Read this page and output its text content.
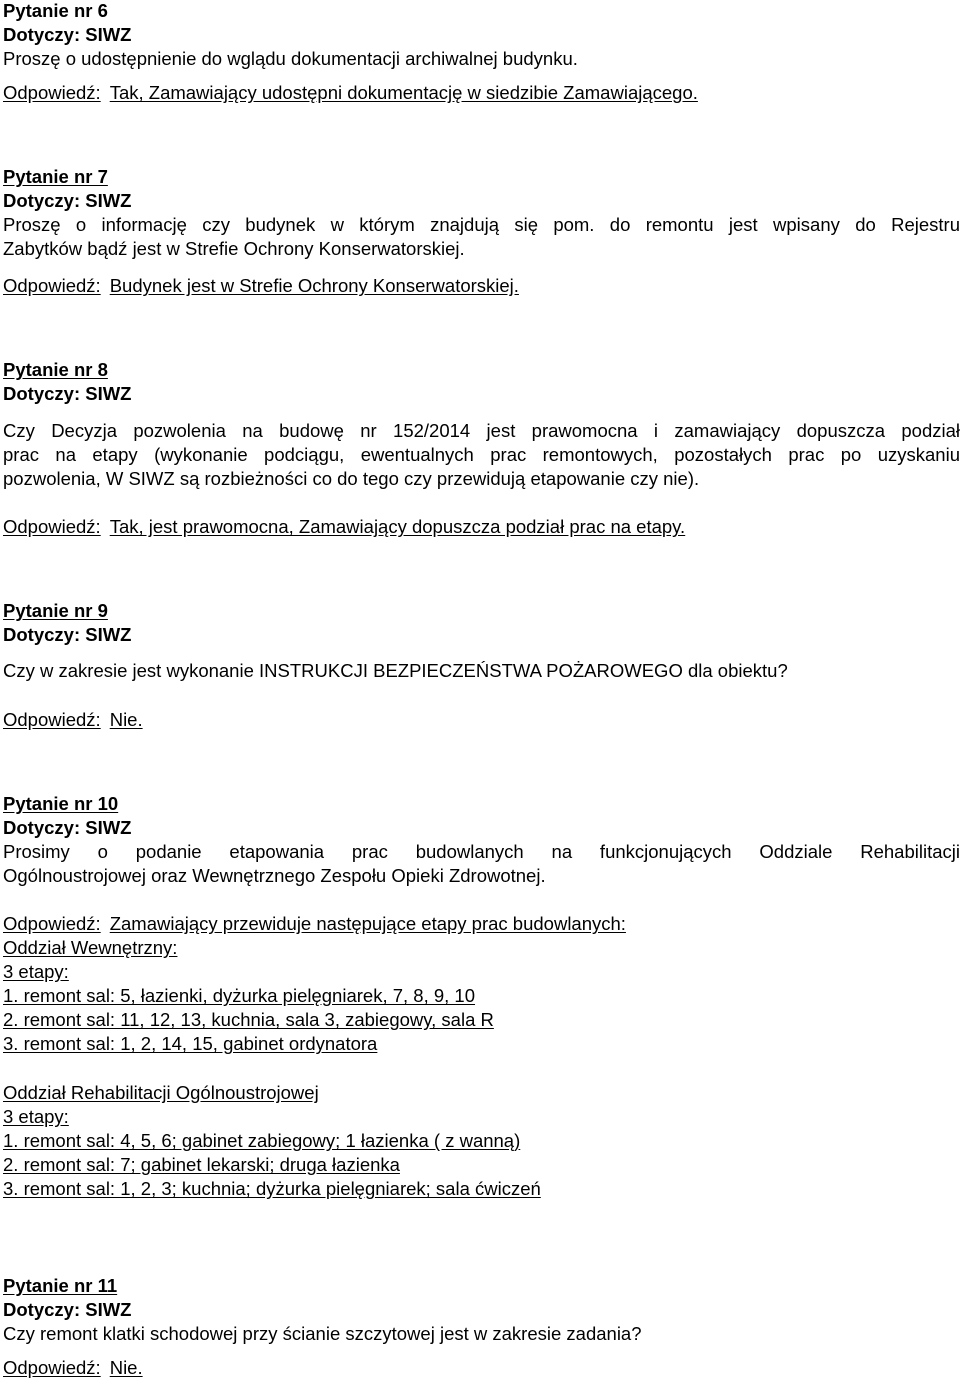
Pytanie nr 6
Dotyczy: SIWZ
Proszę o udostępnienie do wglądu dokumentacji archiwalnej budynku.
Odpowiedź: Tak, Zamawiający udostępni dokumentację w siedzibie Zamawiającego.
Pytanie nr 7
Dotyczy: SIWZ
Proszę o informację czy budynek w którym znajdują się pom. do remontu jest wpisany do Rejestru
Zabytków bądź jest w Strefie Ochrony Konserwatorskiej.
Odpowiedź: Budynek jest w Strefie Ochrony Konserwatorskiej.
Pytanie nr 8
Dotyczy: SIWZ
Czy Decyzja pozwolenia na budowę nr 152/2014 jest prawomocna i zamawiający dopuszcza podział
prac na etapy (wykonanie podciągu, ewentualnych prac remontowych, pozostałych prac po uzyskaniu
pozwolenia, W SIWZ są rozbieżności co do tego czy przewidują etapowanie czy nie).
Odpowiedź: Tak, jest prawomocna, Zamawiający dopuszcza podział prac na etapy.
Pytanie nr 9
Dotyczy: SIWZ
Czy w zakresie jest wykonanie INSTRUKCJI BEZPIECZEŃSTWA POŻAROWEGO dla obiektu?
Odpowiedź: Nie.
Pytanie nr 10
Dotyczy: SIWZ
Prosimy o podanie etapowania prac budowlanych na funkcjonujących Oddziale Rehabilitacji
Ogólnoustrojowej oraz Wewnętrznego Zespołu Opieki Zdrowotnej.
Odpowiedź: Zamawiający przewiduje następujące etapy prac budowlanych:
Oddział Wewnętrzny:
3 etapy:
1. remont sal: 5, łazienki, dyżurka pielęgniarek, 7, 8, 9, 10
2. remont sal: 11, 12, 13, kuchnia, sala 3, zabiegowy, sala R
3. remont sal: 1, 2, 14, 15, gabinet ordynatora
Oddział Rehabilitacji Ogólnoustrojowej
3 etapy:
1. remont sal: 4, 5, 6; gabinet zabiegowy; 1 łazienka ( z wanną)
2. remont sal: 7; gabinet lekarski; druga łazienka
3. remont sal: 1, 2, 3; kuchnia; dyżurka pielęgniarek; sala ćwiczeń
Pytanie nr 11
Dotyczy: SIWZ
Czy remont klatki schodowej przy ścianie szczytowej jest w zakresie zadania?
Odpowiedź: Nie.
